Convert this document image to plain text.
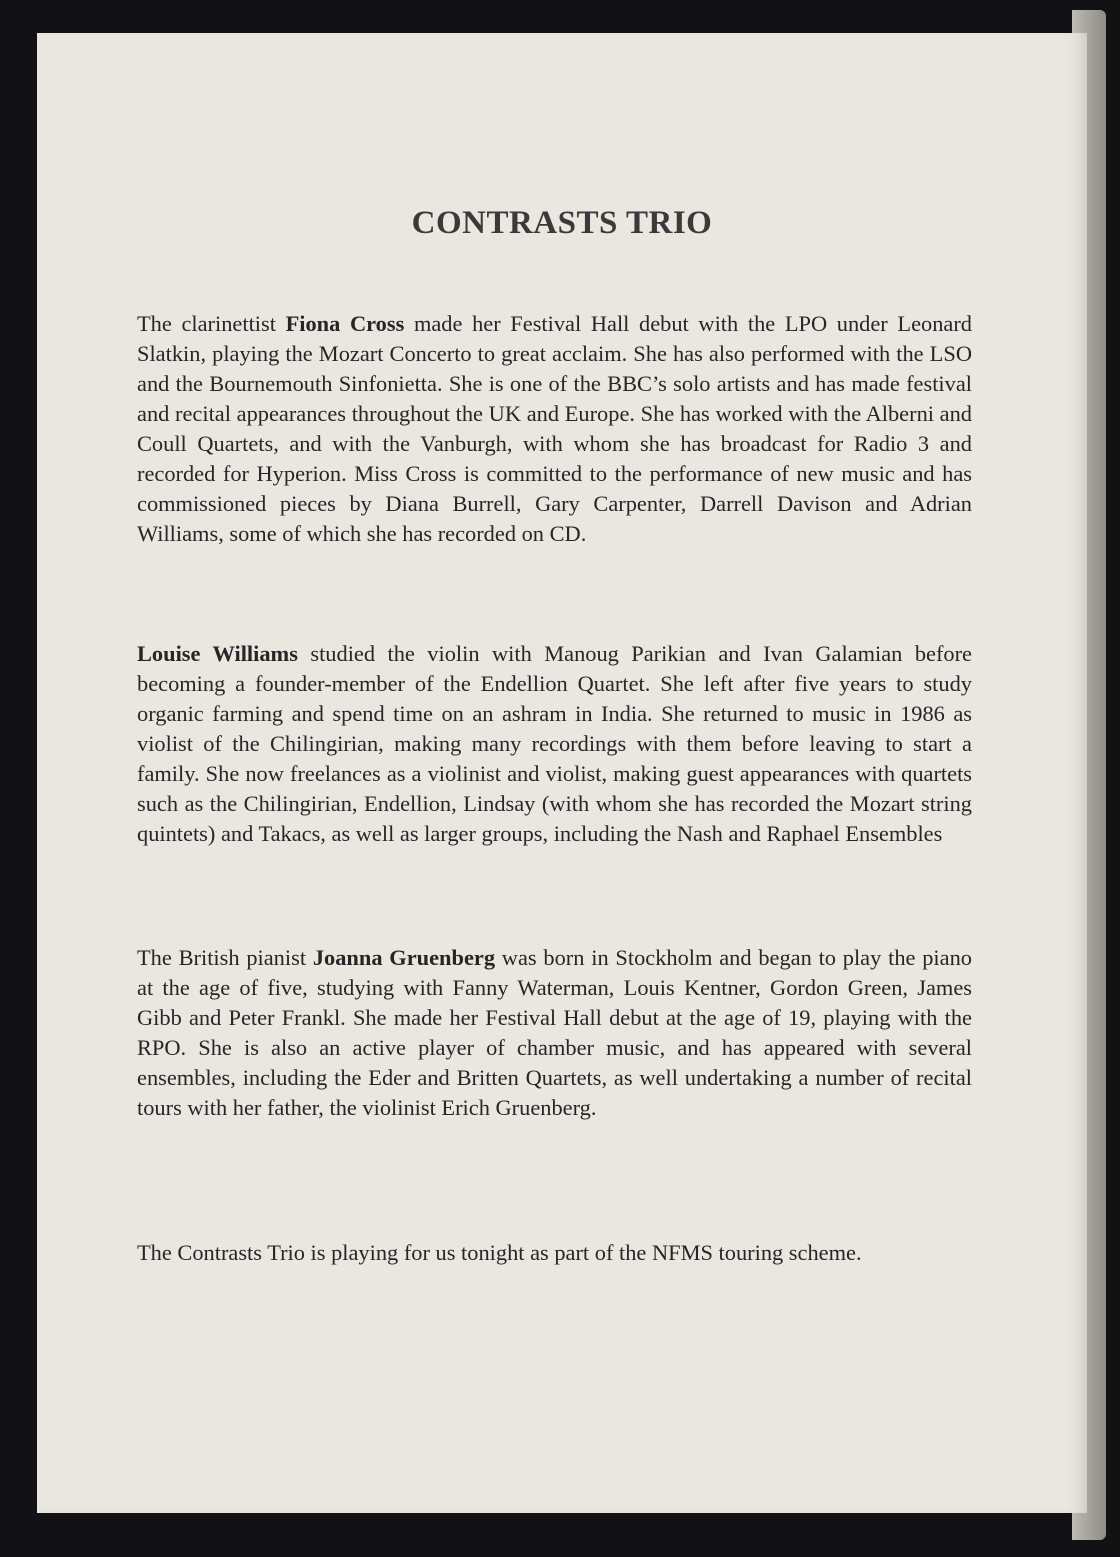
CONTRASTS TRIO

The clarinettist Fiona Cross made her Festival Hall debut with the LPO under Leonard Slatkin, playing the Mozart Concerto to great acclaim. She has also performed with the LSO and the Bournemouth Sinfonietta. She is one of the BBC’s solo artists and has made festival and recital appearances throughout the UK and Europe. She has worked with the Alberni and Coull Quartets, and with the Vanburgh, with whom she has broadcast for Radio 3 and recorded for Hyperion. Miss Cross is committed to the performance of new music and has commissioned pieces by Diana Burrell, Gary Carpenter, Darrell Davison and Adrian Williams, some of which she has recorded on CD.

Louise Williams studied the violin with Manoug Parikian and Ivan Galamian before becoming a founder-member of the Endellion Quartet. She left after five years to study organic farming and spend time on an ashram in India. She returned to music in 1986 as violist of the Chilingirian, making many recordings with them before leaving to start a family. She now freelances as a violinist and violist, making guest appearances with quartets such as the Chilingirian, Endellion, Lindsay (with whom she has recorded the Mozart string quintets) and Takacs, as well as larger groups, including the Nash and Raphael Ensembles

The British pianist Joanna Gruenberg was born in Stockholm and began to play the piano at the age of five, studying with Fanny Waterman, Louis Kentner, Gordon Green, James Gibb and Peter Frankl. She made her Festival Hall debut at the age of 19, playing with the RPO. She is also an active player of chamber music, and has appeared with several ensembles, including the Eder and Britten Quartets, as well undertaking a number of recital tours with her father, the violinist Erich Gruenberg.

The Contrasts Trio is playing for us tonight as part of the NFMS touring scheme.
